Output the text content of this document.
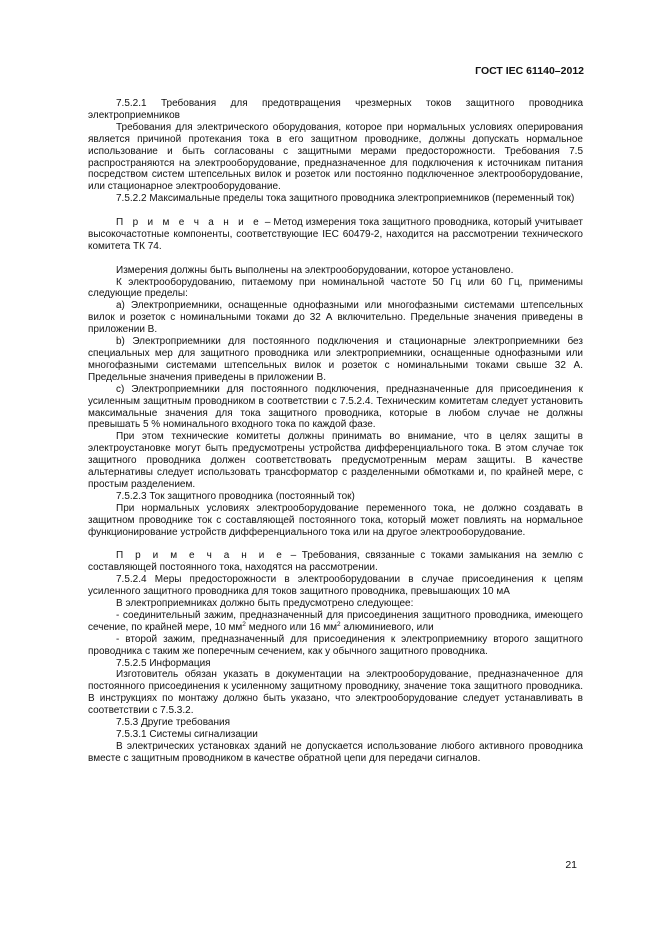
ГОСТ IEC 61140–2012

7.5.2.1 Требования для предотвращения чрезмерных токов защитного проводника электроприемников

Требования для электрического оборудования, которое при нормальных условиях оперирования является причиной протекания тока в его защитном проводнике, должны допускать нормальное использование и быть согласованы с защитными мерами предосторожности. Требования 7.5 распространяются на электрооборудование, предназначенное для подключения к источникам питания посредством систем штепсельных вилок и розеток или постоянно подключенное электрооборудование, или стационарное электрооборудование.

7.5.2.2 Максимальные пределы тока защитного проводника электроприемников (переменный ток)

П р и м е ч а н и е – Метод измерения тока защитного проводника, который учитывает высокочастотные компоненты, соответствующие IEC 60479-2, находится на рассмотрении технического комитета ТК 74.

Измерения должны быть выполнены на электрооборудовании, которое установлено.

К электрооборудованию, питаемому при номинальной частоте 50 Гц или 60 Гц, применимы следующие пределы:

a) Электроприемники, оснащенные однофазными или многофазными системами штепсельных вилок и розеток с номинальными токами до 32 А включительно. Предельные значения приведены в приложении В.

b) Электроприемники для постоянного подключения и стационарные электроприемники без специальных мер для защитного проводника или электроприемники, оснащенные однофазными или многофазными системами штепсельных вилок и розеток с номинальными токами свыше 32 А. Предельные значения приведены в приложении В.

c) Электроприемники для постоянного подключения, предназначенные для присоединения к усиленным защитным проводником в соответствии с 7.5.2.4. Техническим комитетам следует установить максимальные значения для тока защитного проводника, которые в любом случае не должны превышать 5 % номинального входного тока по каждой фазе.

При этом технические комитеты должны принимать во внимание, что в целях защиты в электроустановке могут быть предусмотрены устройства дифференциального тока. В этом случае ток защитного проводника должен соответствовать предусмотренным мерам защиты. В качестве альтернативы следует использовать трансформатор с разделенными обмотками и, по крайней мере, с простым разделением.

7.5.2.3 Ток защитного проводника (постоянный ток)

При нормальных условиях электрооборудование переменного тока, не должно создавать в защитном проводнике ток с составляющей постоянного тока, который может повлиять на нормальное функционирование устройств дифференциального тока или на другое электрооборудование.

П р и м е ч а н и е – Требования, связанные с токами замыкания на землю с составляющей постоянного тока, находятся на рассмотрении.

7.5.2.4 Меры предосторожности в электрооборудовании в случае присоединения к цепям усиленного защитного проводника для токов защитного проводника, превышающих 10 мА

В электроприемниках должно быть предусмотрено следующее:

- соединительный зажим, предназначенный для присоединения защитного проводника, имеющего сечение, по крайней мере, 10 $мм^2$ медного или 16 $мм^2$ алюминиевого, или

- второй зажим, предназначенный для присоединения к электроприемнику второго защитного проводника с таким же поперечным сечением, как у обычного защитного проводника.

7.5.2.5 Информация

Изготовитель обязан указать в документации на электрооборудование, предназначенное для постоянного присоединения к усиленному защитному проводнику, значение тока защитного проводника. В инструкциях по монтажу должно быть указано, что электрооборудование следует устанавливать в соответствии с 7.5.3.2.

7.5.3 Другие требования

7.5.3.1 Системы сигнализации

В электрических установках зданий не допускается использование любого активного проводника вместе с защитным проводником в качестве обратной цепи для передачи сигналов.

21
